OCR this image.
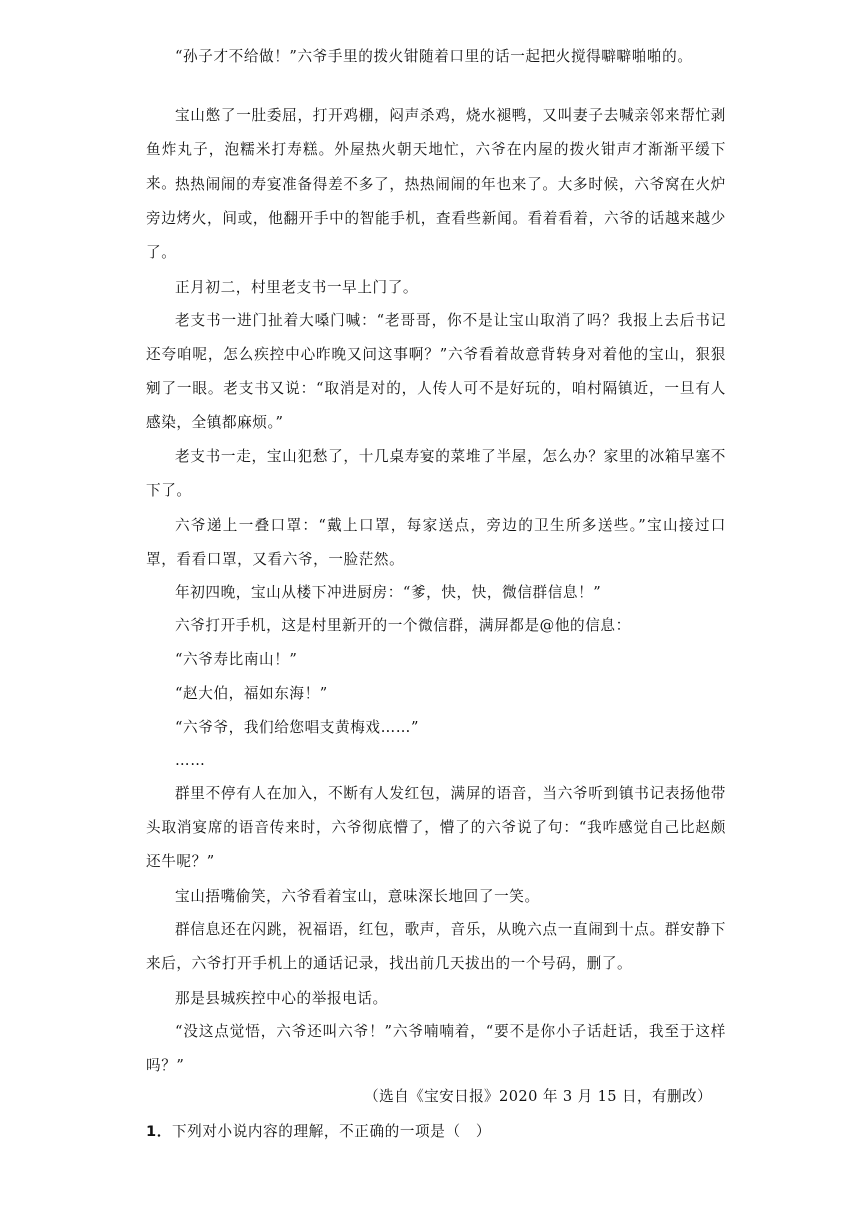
“孙子才不给做！”六爷手里的拨火钳随着口里的话一起把火搅得噼噼啪啪的。

宝山憋了一肚委屈，打开鸡棚，闷声杀鸡，烧水褪鸭，又叫妻子去喊亲邻来帮忙剥鱼炸丸子，泡糯米打寿糕。外屋热火朝天地忙，六爷在内屋的拨火钳声才渐渐平缓下来。

热热闹闹的寿宴准备得差不多了，热热闹闹的年也来了。大多时候，六爷窝在火炉旁边烤火，间或，他翻开手中的智能手机，查看些新闻。看着看着，六爷的话越来越少了。

正月初二，村里老支书一早上门了。

老支书一进门扯着大嗓门喊：“老哥哥，你不是让宝山取消了吗？我报上去后书记还夸咱呢，怎么疾控中心昨晚又问这事啊？”六爷看着故意背转身对着他的宝山，狠狠剜了一眼。老支书又说：“取消是对的，人传人可不是好玩的，咱村隔镇近，一旦有人感染，全镇都麻烦。”

老支书一走，宝山犯愁了，十几桌寿宴的菜堆了半屋，怎么办？家里的冰箱早塞不下了。

六爷递上一叠口罩：“戴上口罩，每家送点，旁边的卫生所多送些。”宝山接过口罩，看看口罩，又看六爷，一脸茫然。

年初四晚，宝山从楼下冲进厨房：“爹，快，快，微信群信息！”

六爷打开手机，这是村里新开的一个微信群，满屏都是@他的信息：

“六爷寿比南山！”

“赵大伯，福如东海！”

“六爷爷，我们给您唱支黄梅戏……”

……

群里不停有人在加入，不断有人发红包，满屏的语音，当六爷听到镇书记表扬他带头取消宴席的语音传来时，六爷彻底懵了，懵了的六爷说了句：“我咋感觉自己比赵颇还牛呢？”

宝山捂嘴偷笑，六爷看着宝山，意味深长地回了一笑。

群信息还在闪跳，祝福语，红包，歌声，音乐，从晚六点一直闹到十点。群安静下来后，六爷打开手机上的通话记录，找出前几天拔出的一个号码，删了。

那是县城疾控中心的举报电话。

“没这点觉悟，六爷还叫六爷！”六爷喃喃着，“要不是你小子话赶话，我至于这样吗？”

（选自《宝安日报》2020 年 3 月 15 日，有删改）
1．下列对小说内容的理解，不正确的一项是（　）
